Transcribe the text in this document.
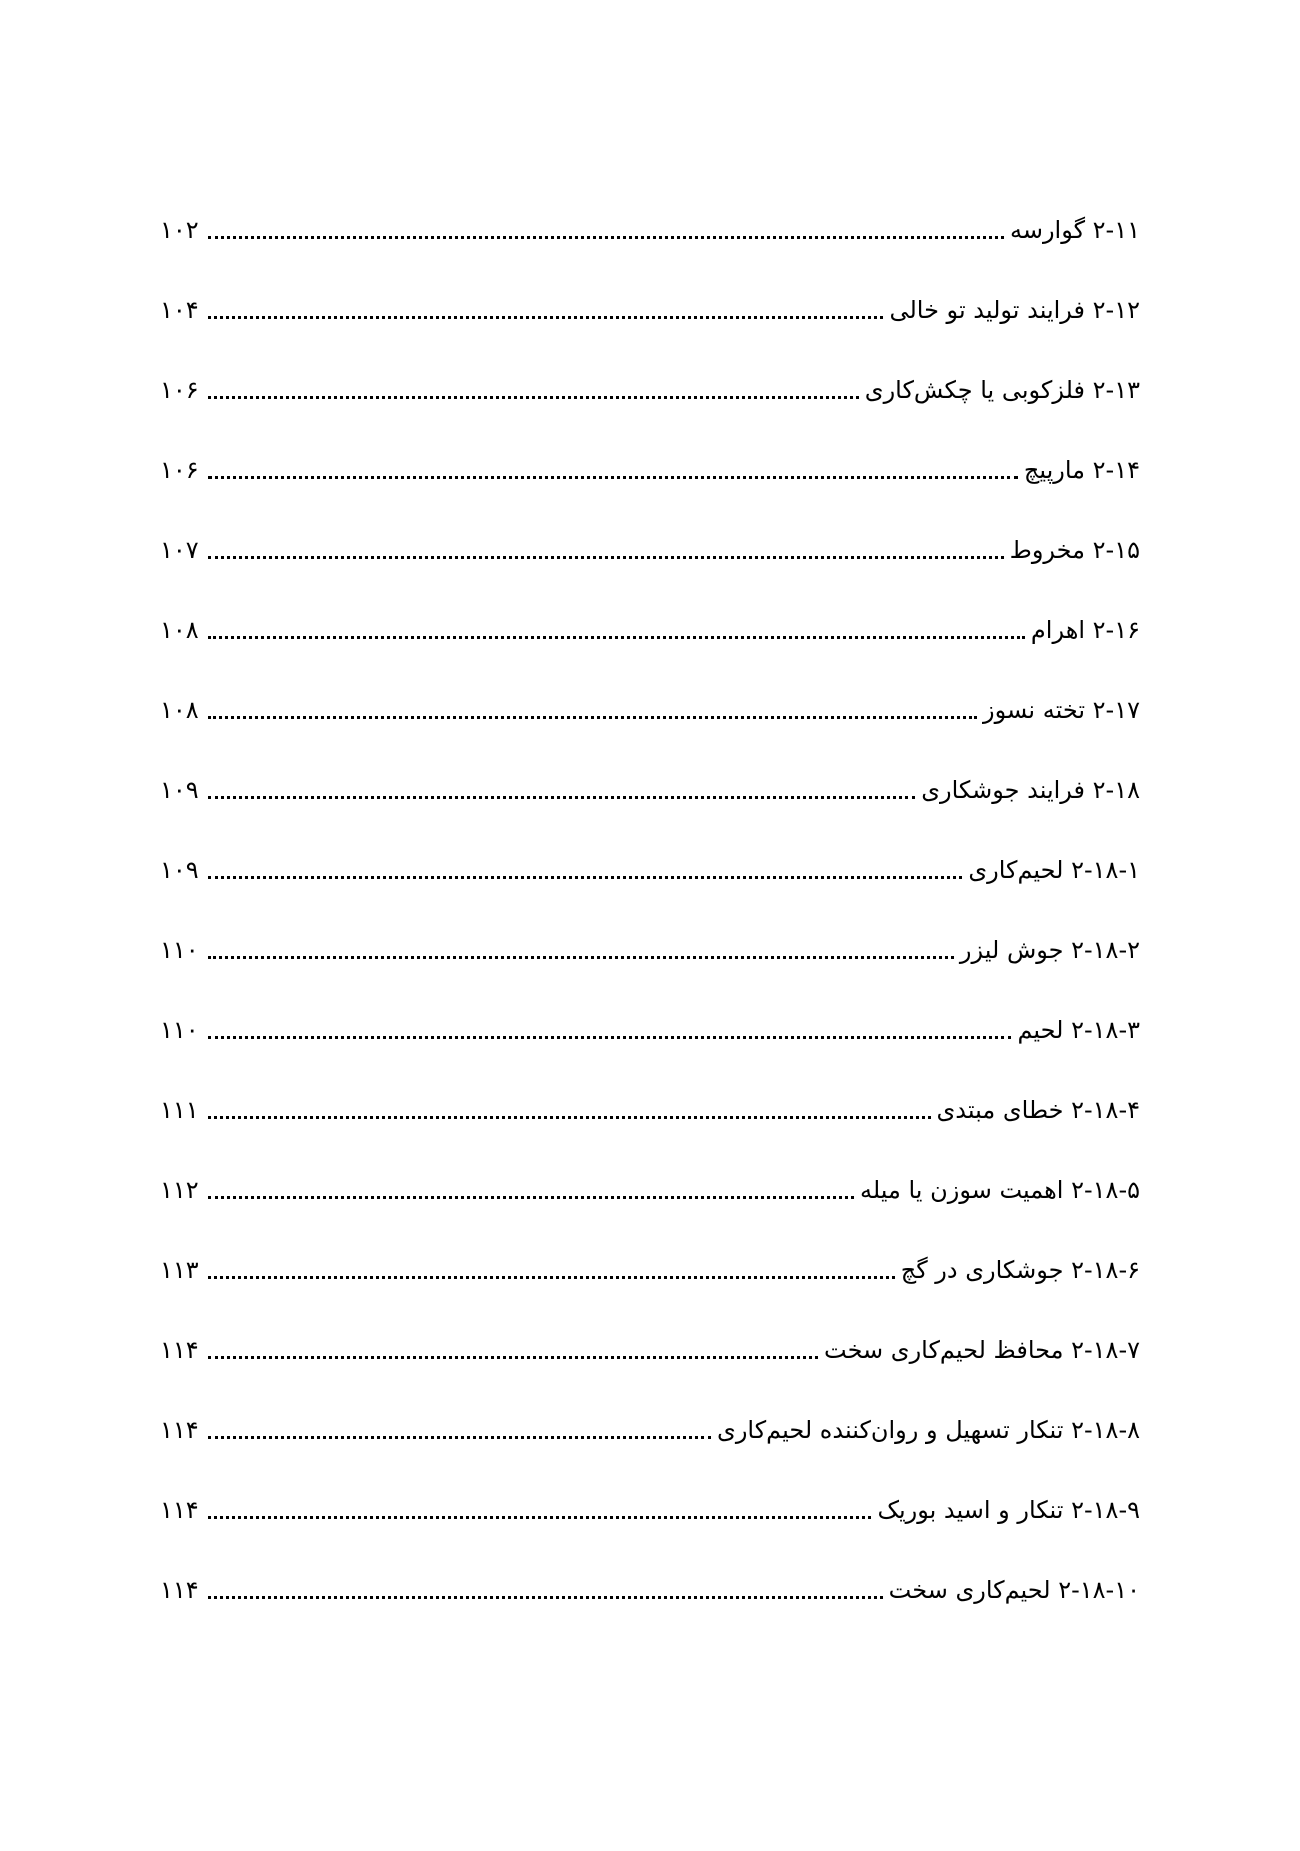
۲-۱۱ گوارسه
۱۰۲
۲-۱۲ فرایند تولید تو خالی
۱۰۴
۲-۱۳ فلزکوبی یا چکش‌کاری
۱۰۶
۲-۱۴ مارپیچ
۱۰۶
۲-۱۵ مخروط
۱۰۷
۲-۱۶ اهرام
۱۰۸
۲-۱۷ تخته نسوز
۱۰۸
۲-۱۸ فرایند جوشکاری
۱۰۹
۲-۱۸-۱ لحیم‌کاری
۱۰۹
۲-۱۸-۲ جوش لیزر
۱۱۰
۲-۱۸-۳ لحیم
۱۱۰
۲-۱۸-۴ خطای مبتدی
۱۱۱
۲-۱۸-۵ اهمیت سوزن یا میله
۱۱۲
۲-۱۸-۶ جوشکاری در گچ
۱۱۳
۲-۱۸-۷ محافظ لحیم‌کاری سخت
۱۱۴
۲-۱۸-۸ تنکار تسهیل و روان‌کننده لحیم‌کاری
۱۱۴
۲-۱۸-۹ تنکار و اسید بوریک
۱۱۴
۲-۱۸-۱۰ لحیم‌کاری سخت
۱۱۴
